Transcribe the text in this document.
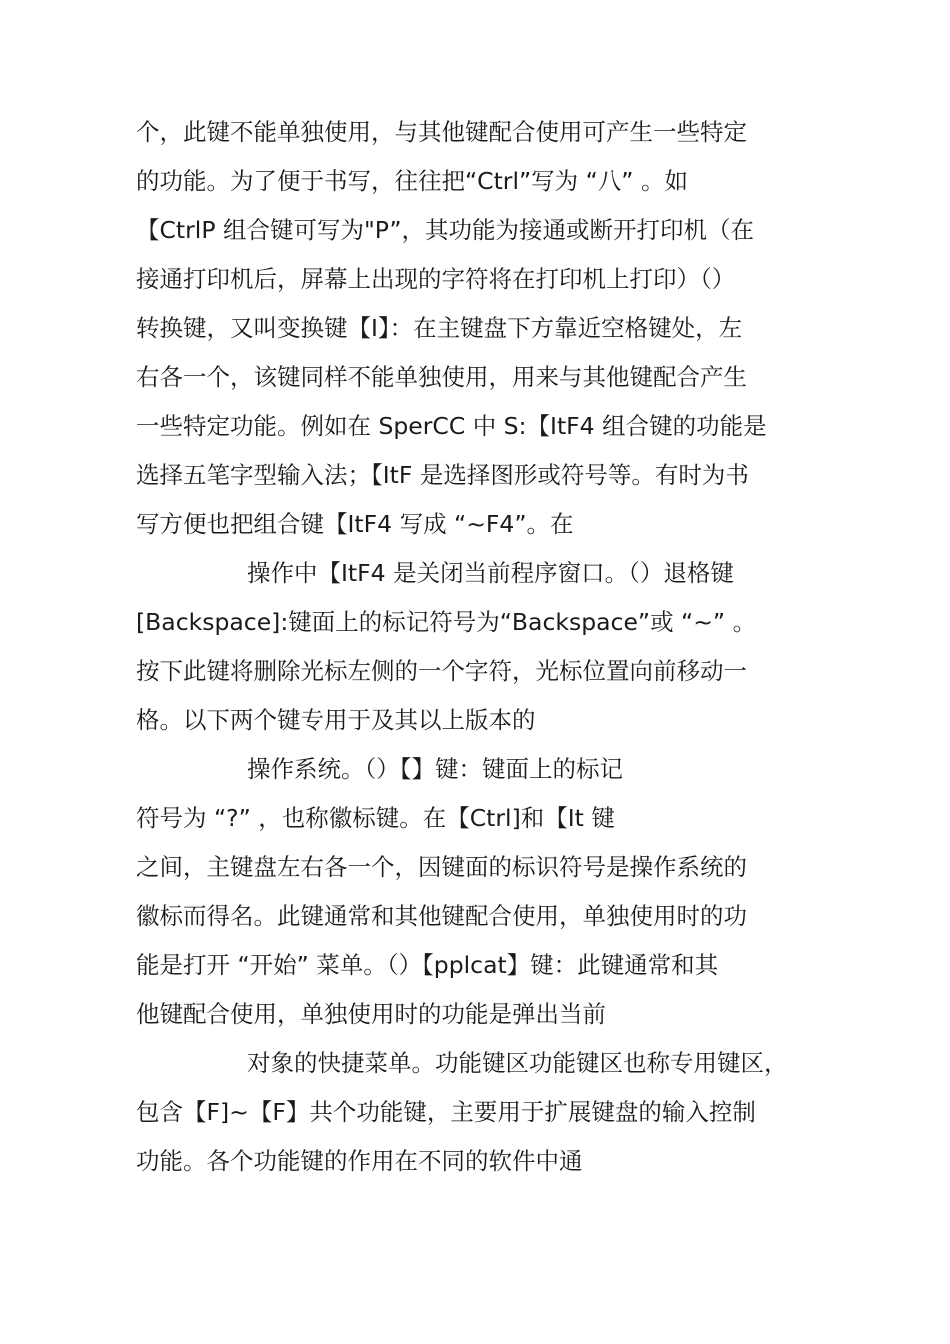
个，此键不能单独使用，与其他键配合使用可产生一些特定
的功能。为了便于书写，往往把“Ctrl”写为 “八” 。如
【CtrlP 组合键可写为"P”，其功能为接通或断开打印机（在
接通打印机后，屏幕上出现的字符将在打印机上打印）（）
转换键，又叫变换键【I】：在主键盘下方靠近空格键处，左
右各一个，该键同样不能单独使用，用来与其他键配合产生
一些特定功能。例如在 SperCC 中 S:【ItF4 组合键的功能是
选择五笔字型输入法；【ItF 是选择图形或符号等。有时为书
写方便也把组合键【ItF4 写成 “~F4”。在
操作中【ItF4 是关闭当前程序窗口。（）退格键
[Backspace]:键面上的标记符号为“Backspace”或 “~” 。
按下此键将删除光标左侧的一个字符，光标位置向前移动一
格。以下两个键专用于及其以上版本的
操作系统。（）【】键：键面上的标记
符号为 “?” ，也称徽标键。在【Ctrl]和【It 键
之间，主键盘左右各一个，因键面的标识符号是操作系统的
徽标而得名。此键通常和其他键配合使用，单独使用时的功
能是打开 “开始” 菜单。（）【pplcat】键：此键通常和其
他键配合使用，单独使用时的功能是弹出当前
对象的快捷菜单。功能键区功能键区也称专用键区，
包含【F]~【F】共个功能键，主要用于扩展键盘的输入控制
功能。各个功能键的作用在不同的软件中通
